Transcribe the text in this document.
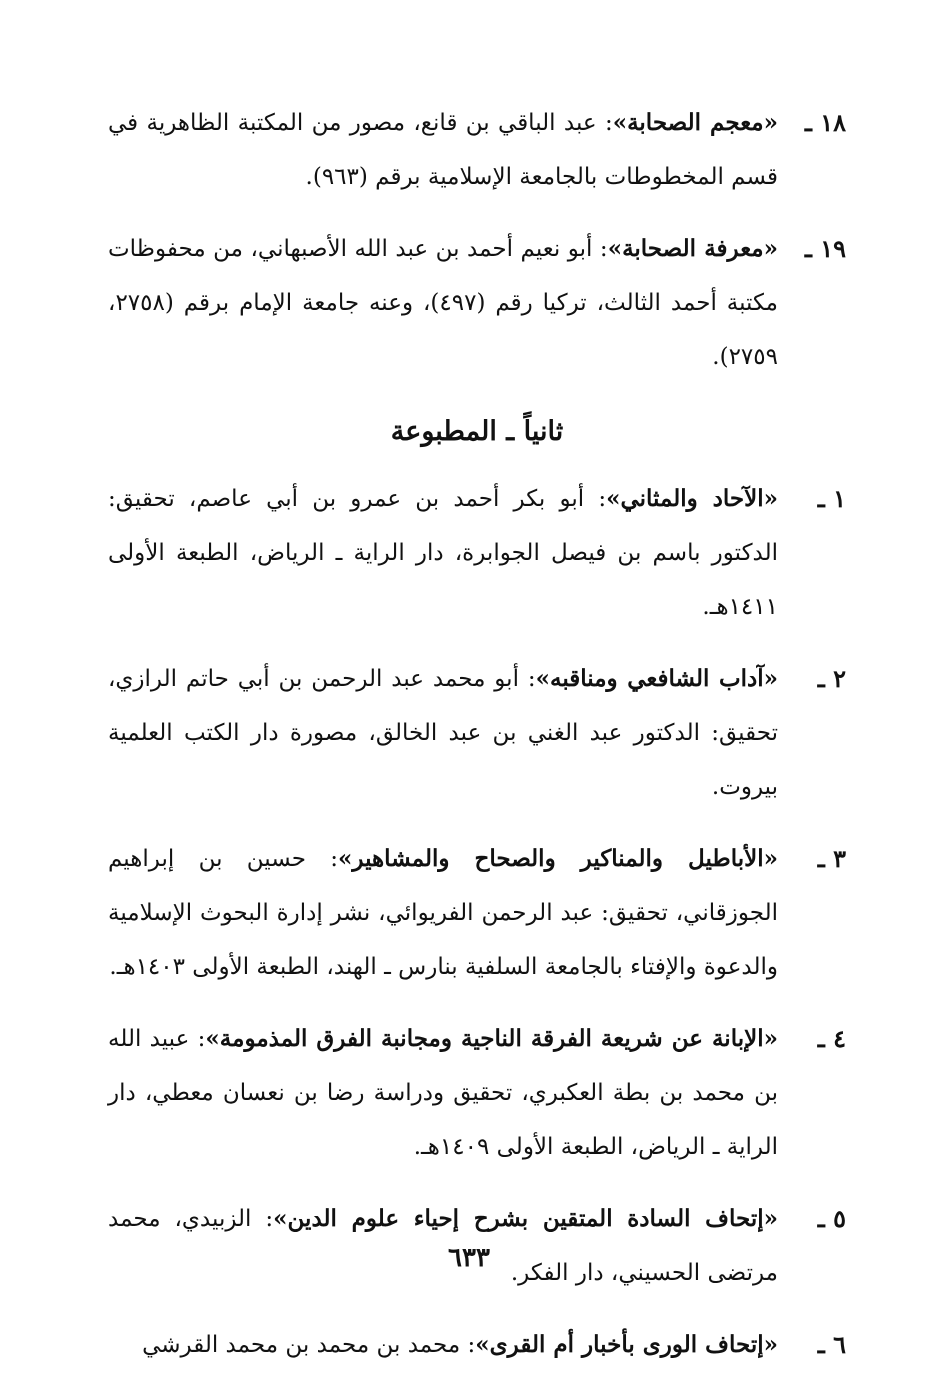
١٨ ـ
«معجم الصحابة»: عبد الباقي بن قانع، مصور من المكتبة الظاهرية في قسم المخطوطات بالجامعة الإسلامية برقم (٩٦٣).
١٩ ـ
«معرفة الصحابة»: أبو نعيم أحمد بن عبد الله الأصبهاني، من محفوظات مكتبة أحمد الثالث، تركيا رقم (٤٩٧)، وعنه جامعة الإمام برقم (٢٧٥٨، ٢٧٥٩).
ثانياً ـ المطبوعة
١ ـ
«الآحاد والمثاني»: أبو بكر أحمد بن عمرو بن أبي عاصم، تحقيق: الدكتور باسم بن فيصل الجوابرة، دار الراية ـ الرياض، الطبعة الأولى ١٤١١هـ.
٢ ـ
«آداب الشافعي ومناقبه»: أبو محمد عبد الرحمن بن أبي حاتم الرازي، تحقيق: الدكتور عبد الغني بن عبد الخالق، مصورة دار الكتب العلمية بيروت.
٣ ـ
«الأباطيل والمناكير والصحاح والمشاهير»: حسين بن إبراهيم الجوزقاني، تحقيق: عبد الرحمن الفريوائي، نشر إدارة البحوث الإسلامية والدعوة والإفتاء بالجامعة السلفية بنارس ـ الهند، الطبعة الأولى ١٤٠٣هـ.
٤ ـ
«الإبانة عن شريعة الفرقة الناجية ومجانبة الفرق المذمومة»: عبيد الله بن محمد بن بطة العكبري، تحقيق ودراسة رضا بن نعسان معطي، دار الراية ـ الرياض، الطبعة الأولى ١٤٠٩هـ.
٥ ـ
«إتحاف السادة المتقين بشرح إحياء علوم الدين»: الزبيدي، محمد مرتضى الحسيني، دار الفكر.
٦ ـ
«إتحاف الورى بأخبار أم القرى»: محمد بن محمد بن محمد القرشي
٦٣٣
